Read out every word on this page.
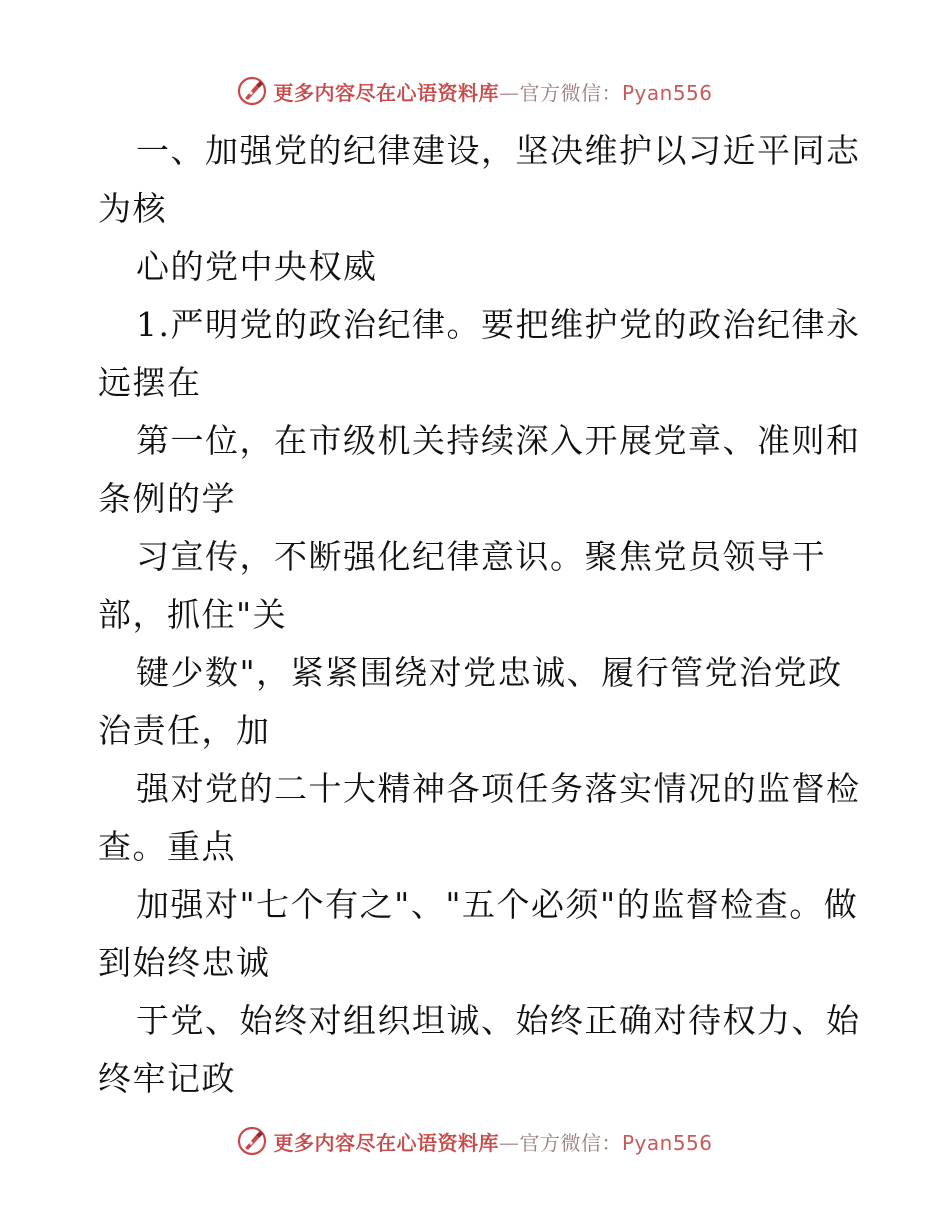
更多内容尽在心语资料库—官方微信：Pyan556
一、加强党的纪律建设，坚决维护以习近平同志
为核
心的党中央权威
1.严明党的政治纪律。要把维护党的政治纪律永
远摆在
第一位，在市级机关持续深入开展党章、准则和
条例的学
习宣传，不断强化纪律意识。聚焦党员领导干
部，抓住"关
键少数"，紧紧围绕对党忠诚、履行管党治党政
治责任，加
强对党的二十大精神各项任务落实情况的监督检
查。重点
加强对"七个有之"、"五个必须"的监督检查。做
到始终忠诚
于党、始终对组织坦诚、始终正确对待权力、始
终牢记政
更多内容尽在心语资料库—官方微信：Pyan556
